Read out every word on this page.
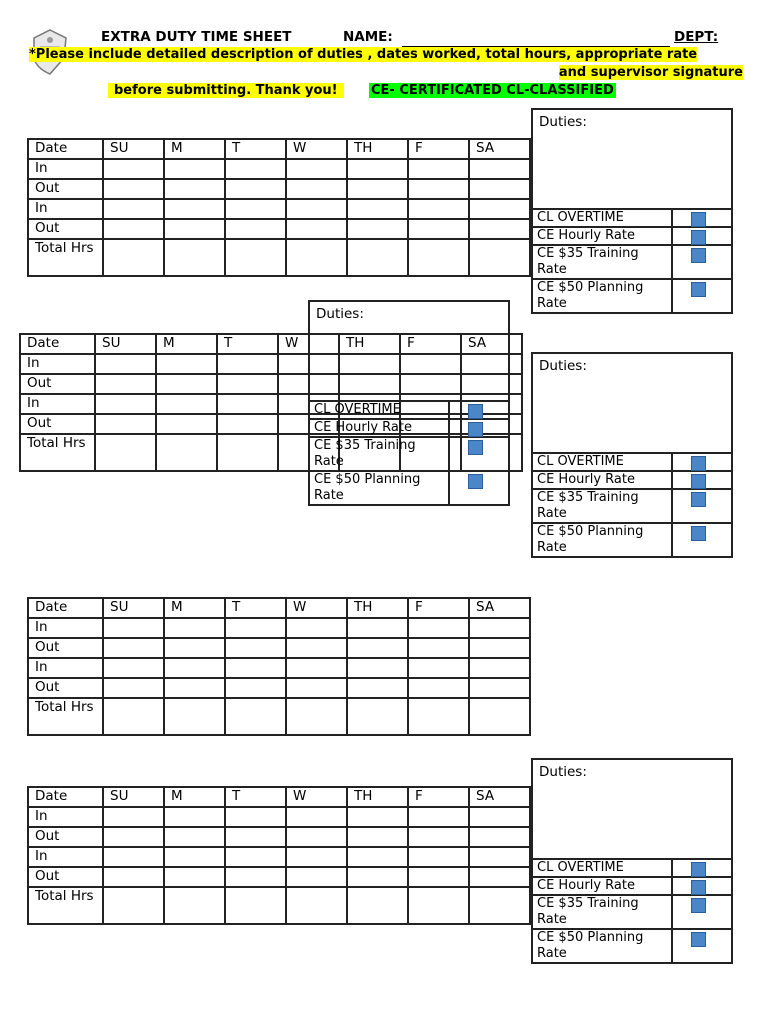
EXTRA DUTY TIME SHEET	NAME:	DEPT:
*Please include detailed description of duties , dates worked, total hours, appropriate rate
and supervisor signature
before submitting. Thank you!	CE- CERTIFICATED CL-CLASSIFIED
Date	SU	M	T	W	TH	F	SA
In							
Out							
In							
Out							
Total Hrs							
Date	SU	M	T	W	TH	F	SA
In							
Out							
In							
Out							
Total Hrs							
Date	SU	M	T	W	TH	F	SA
In							
Out							
In							
Out							
Total Hrs							
Date	SU	M	T	W	TH	F	SA
In							
Out							
In							
Out							
Total Hrs							
Duties:
CL OVERTIME
CE Hourly Rate
CE $35 Training Rate
CE $50 Planning Rate
Duties:
CL OVERTIME
CE Hourly Rate
CE $35 Training Rate
CE $50 Planning Rate
Duties:
CL OVERTIME
CE Hourly Rate
CE $35 Training Rate
CE $50 Planning Rate
Duties:
CL OVERTIME
CE Hourly Rate
CE $35 Training Rate
CE $50 Planning Rate
